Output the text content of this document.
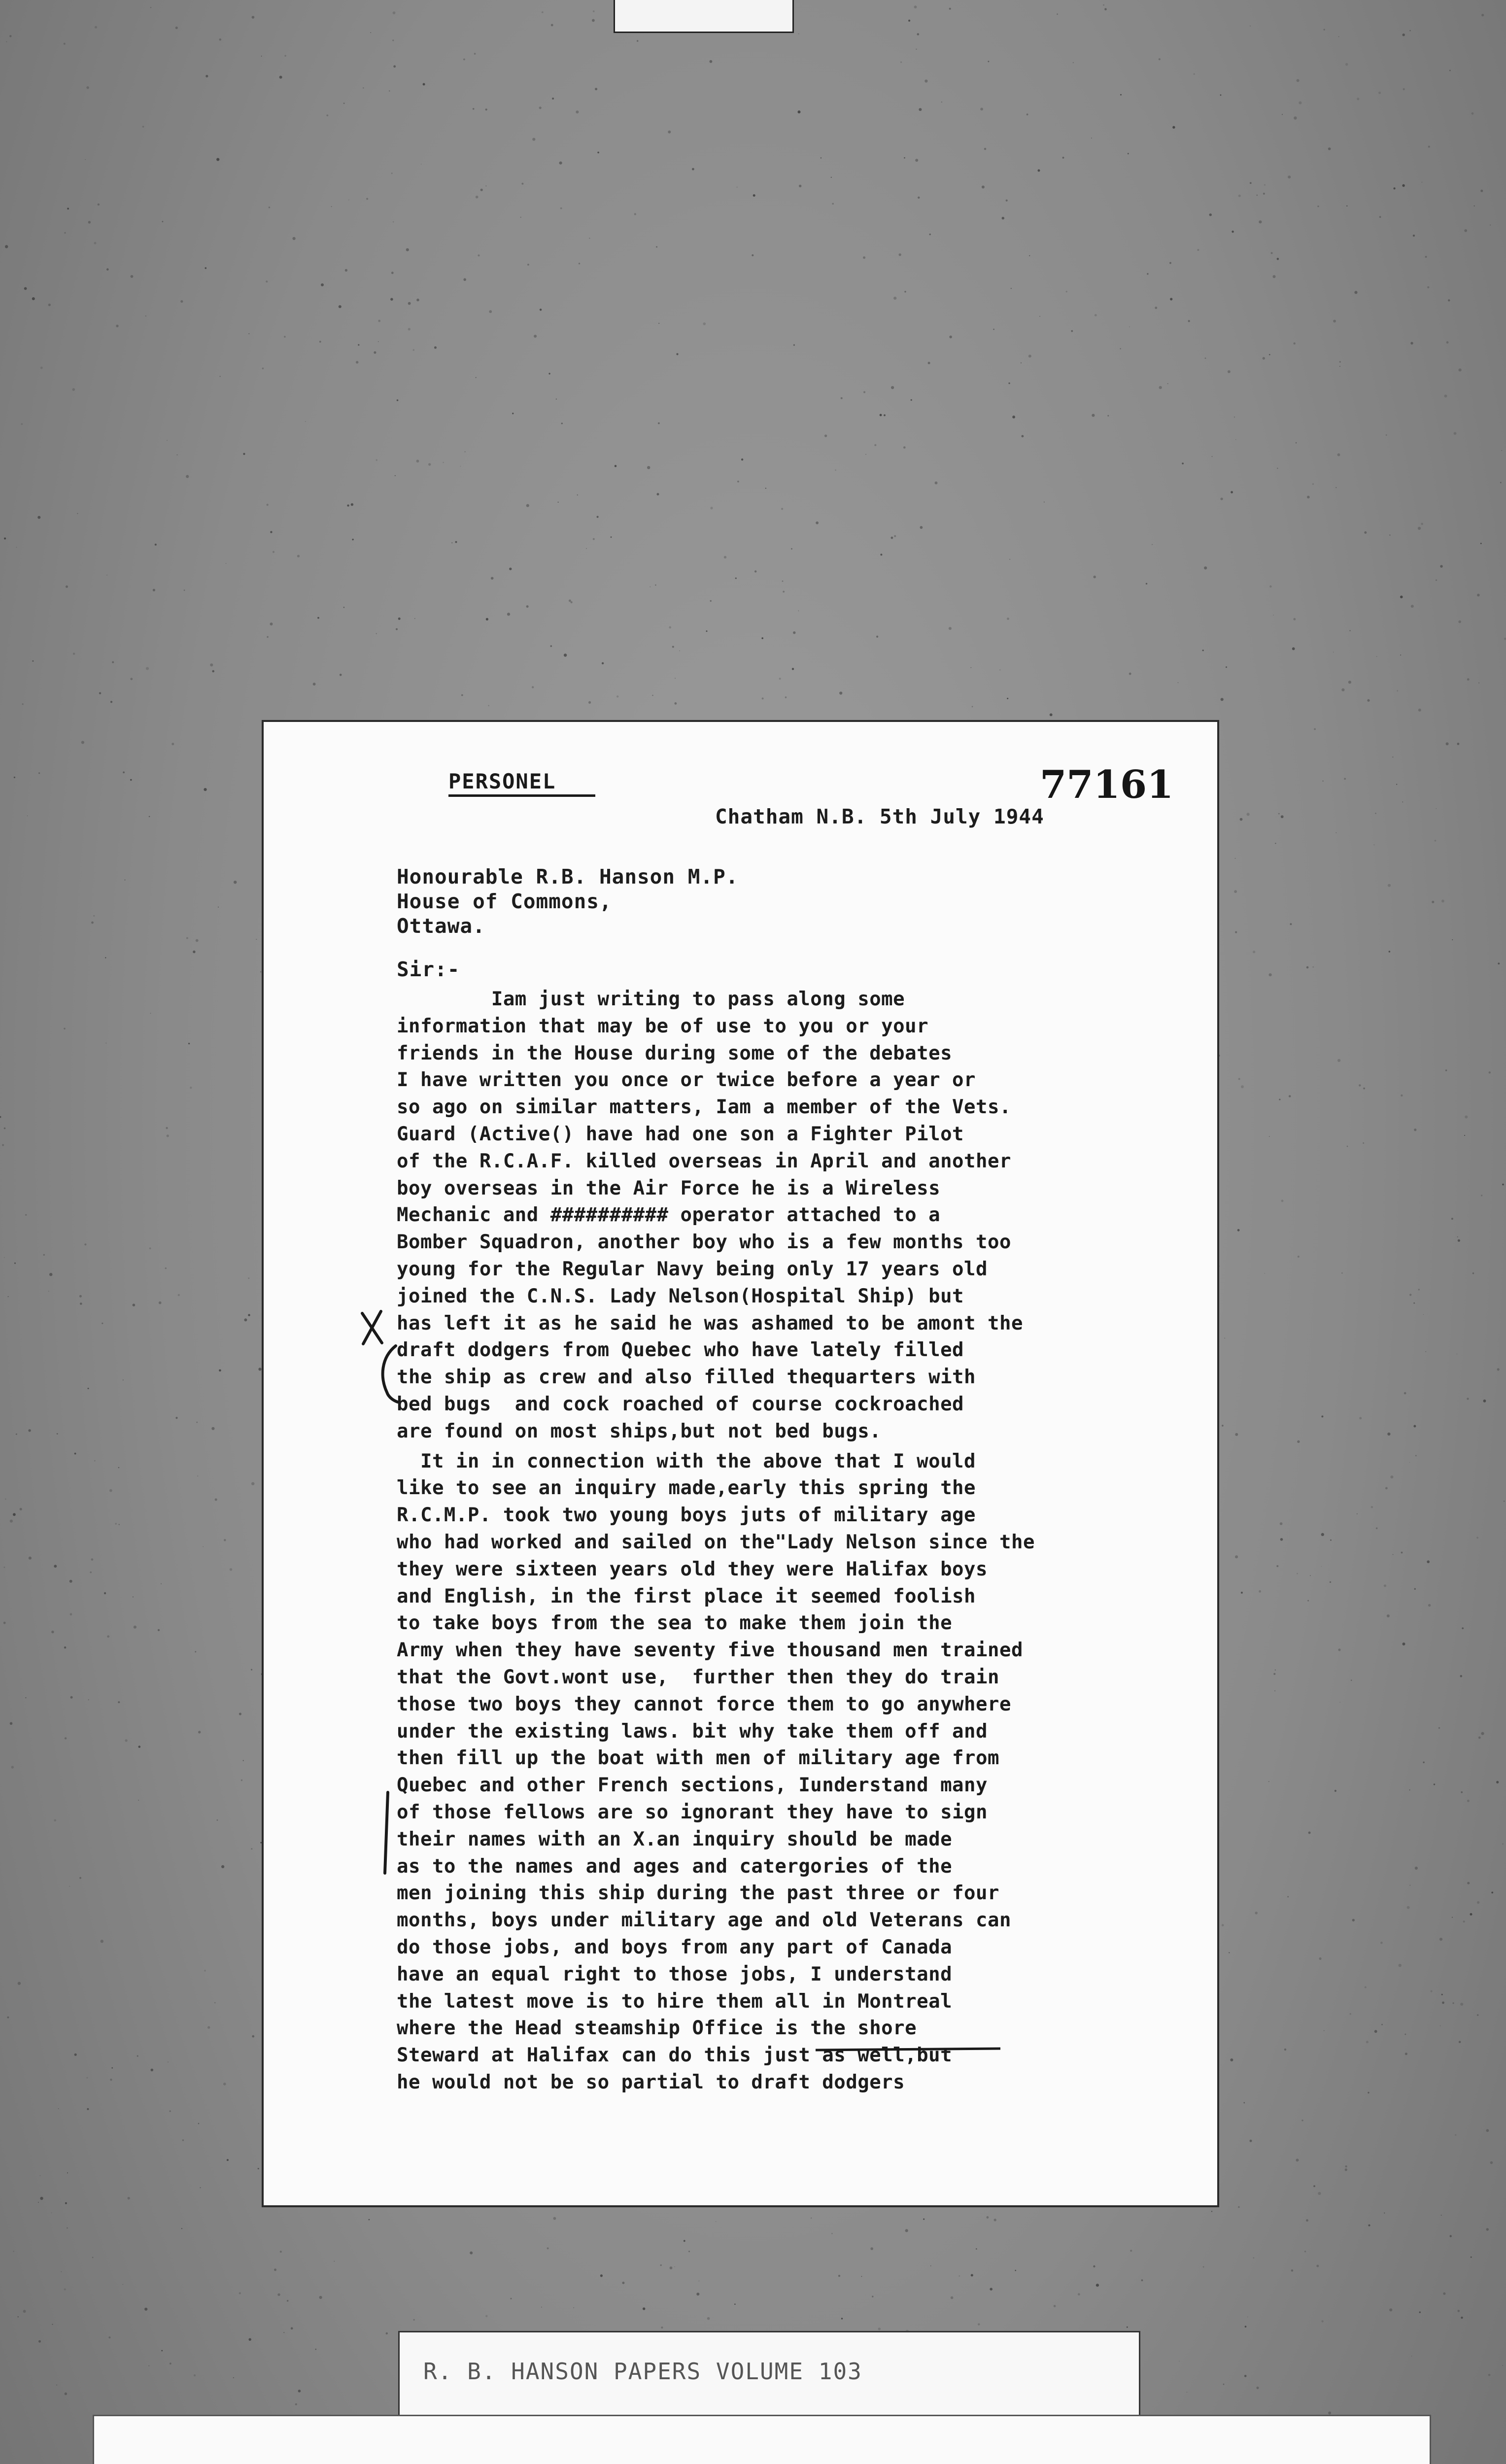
PERSONEL	77161
Chatham N.B. 5th July 1944
Honourable R.B. Hanson M.P.
House of Commons,
Ottawa.
Sir:-
Iam just writing to pass along some
information that may be of use to you or your
friends in the House during some of the debates
I have written you once or twice before a year or
so ago on similar matters, Iam a member of the Vets.
Guard (Active() have had one son a Fighter Pilot
of the R.C.A.F. killed overseas in April and another
boy overseas in the Air Force he is a Wireless
Mechanic and ########## operator attached to a
Bomber Squadron, another boy who is a few months too
young for the Regular Navy being only 17 years old
joined the C.N.S. Lady Nelson(Hospital Ship) but
has left it as he said he was ashamed to be amont the
draft dodgers from Quebec who have lately filled
the ship as crew and also filled thequarters with
bed bugs  and cock roached of course cockroached
are found on most ships,but not bed bugs.
It in in connection with the above that I would
like to see an inquiry made,early this spring the
R.C.M.P. took two young boys juts of military age
who had worked and sailed on the"Lady Nelson since the
they were sixteen years old they were Halifax boys
and English, in the first place it seemed foolish
to take boys from the sea to make them join the
Army when they have seventy five thousand men trained
that the Govt.wont use,  further then they do train
those two boys they cannot force them to go anywhere
under the existing laws. bit why take them off and
then fill up the boat with men of military age from
Quebec and other French sections, Iunderstand many
of those fellows are so ignorant they have to sign
their names with an X.an inquiry should be made
as to the names and ages and catergories of the
men joining this ship during the past three or four
months, boys under military age and old Veterans can
do those jobs, and boys from any part of Canada
have an equal right to those jobs, I understand
the latest move is to hire them all in Montreal
where the Head steamship Office is the shore
Steward at Halifax can do this just as well,but
he would not be so partial to draft dodgers
R. B. HANSON PAPERS VOLUME 103
